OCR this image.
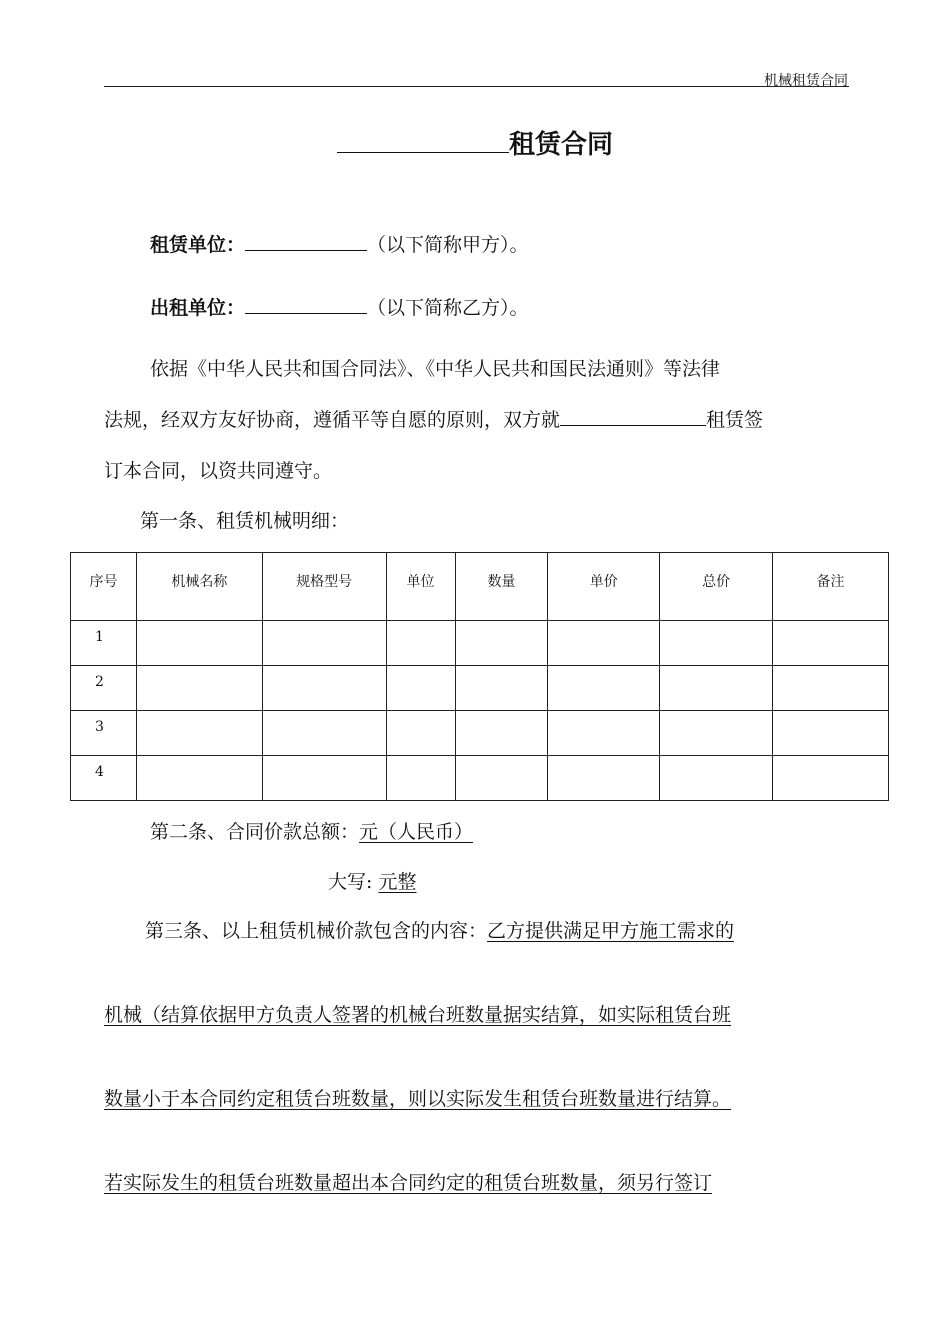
机械租赁合同
租赁合同
租赁单位：	（以下简称甲方）。
出租单位：	（以下简称乙方）。
依据《中华人民共和国合同法》、《中华人民共和国民法通则》等法律
法规，经双方友好协商，遵循平等自愿的原则，双方就	租赁签
订本合同，以资共同遵守。
第一条、租赁机械明细：
序号	机械名称	规格型号	单位	数量	单价	总价	备注
1							
2							
3							
4							
第二条、合同价款总额：元（人民币）
大写: 元整
第三条、以上租赁机械价款包含的内容：乙方提供满足甲方施工需求的
机械（结算依据甲方负责人签署的机械台班数量据实结算，如实际租赁台班
数量小于本合同约定租赁台班数量，则以实际发生租赁台班数量进行结算。
若实际发生的租赁台班数量超出本合同约定的租赁台班数量，须另行签订
